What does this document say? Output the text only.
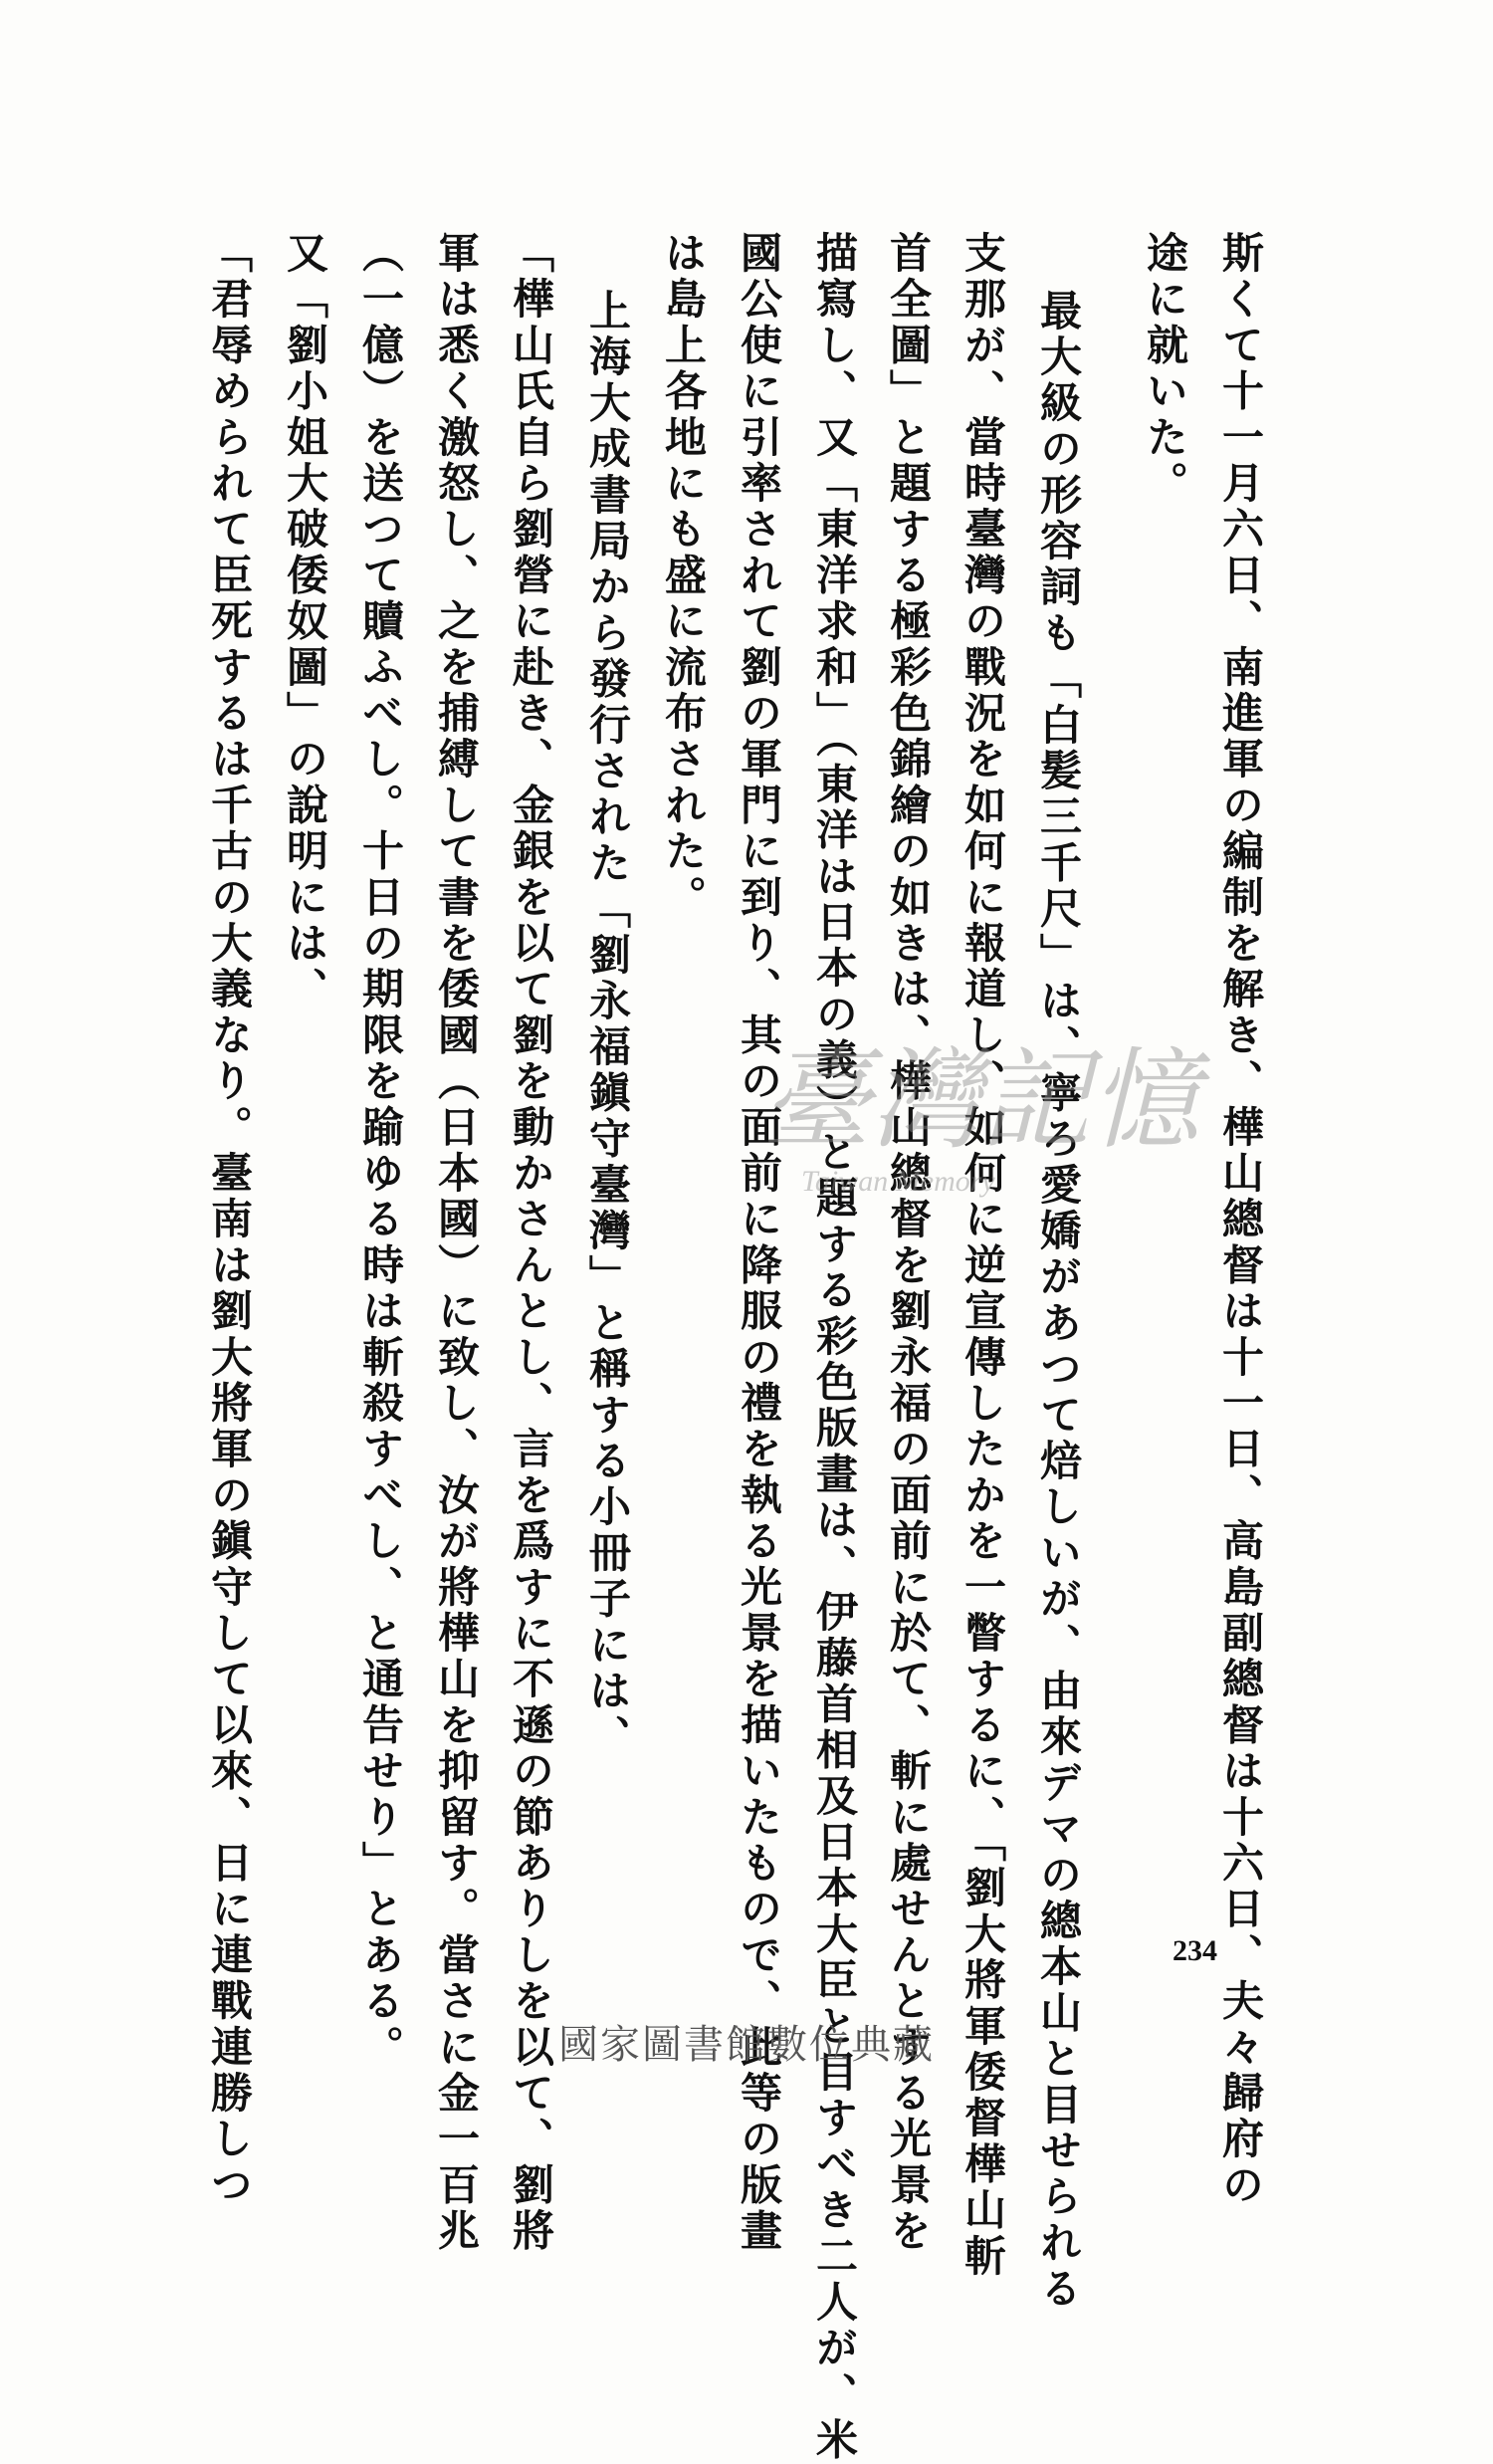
斯くて十一月六日、南進軍の編制を解き、樺山總督は十一日、高島副總督は十六日、夫々歸府の
途に就いた。
最大級の形容詞も「白髪三千尺」は、寧ろ愛嬌があつて焙しいが、由來デマの總本山と目せられる
支那が、當時臺灣の戰況を如何に報道し、如何に逆宣傳したかを一瞥するに、「劉大將軍倭督樺山斬
首全圖」と題する極彩色錦繪の如きは、樺山總督を劉永福の面前に於て、斬に處せんとする光景を
描寫し、又「東洋求和」（東洋は日本の義）と題する彩色版畫は、伊藤首相及日本大臣と目すべき二人が、米
國公使に引率されて劉の軍門に到り、其の面前に降服の禮を執る光景を描いたもので、此等の版畫
は島上各地にも盛に流布された。
上海大成書局から發行された「劉永福鎭守臺灣」と稱する小冊子には、
「樺山氏自ら劉營に赴き、金銀を以て劉を動かさんとし、言を爲すに不遜の節ありしを以て、劉將
軍は悉く激怒し、之を捕縛して書を倭國（日本國）に致し、汝が將樺山を抑留す。當さに金一百兆
（一億）を送つて贖ふべし。十日の期限を踰ゆる時は斬殺すべし、と通告せり」とある。
又「劉小姐大破倭奴圖」の說明には、
「君辱められて臣死するは千古の大義なり。臺南は劉大將軍の鎭守して以來、日に連戰連勝しつ	臺灣記憶
Taiwan Memory
234
國家圖書館數位典藏
